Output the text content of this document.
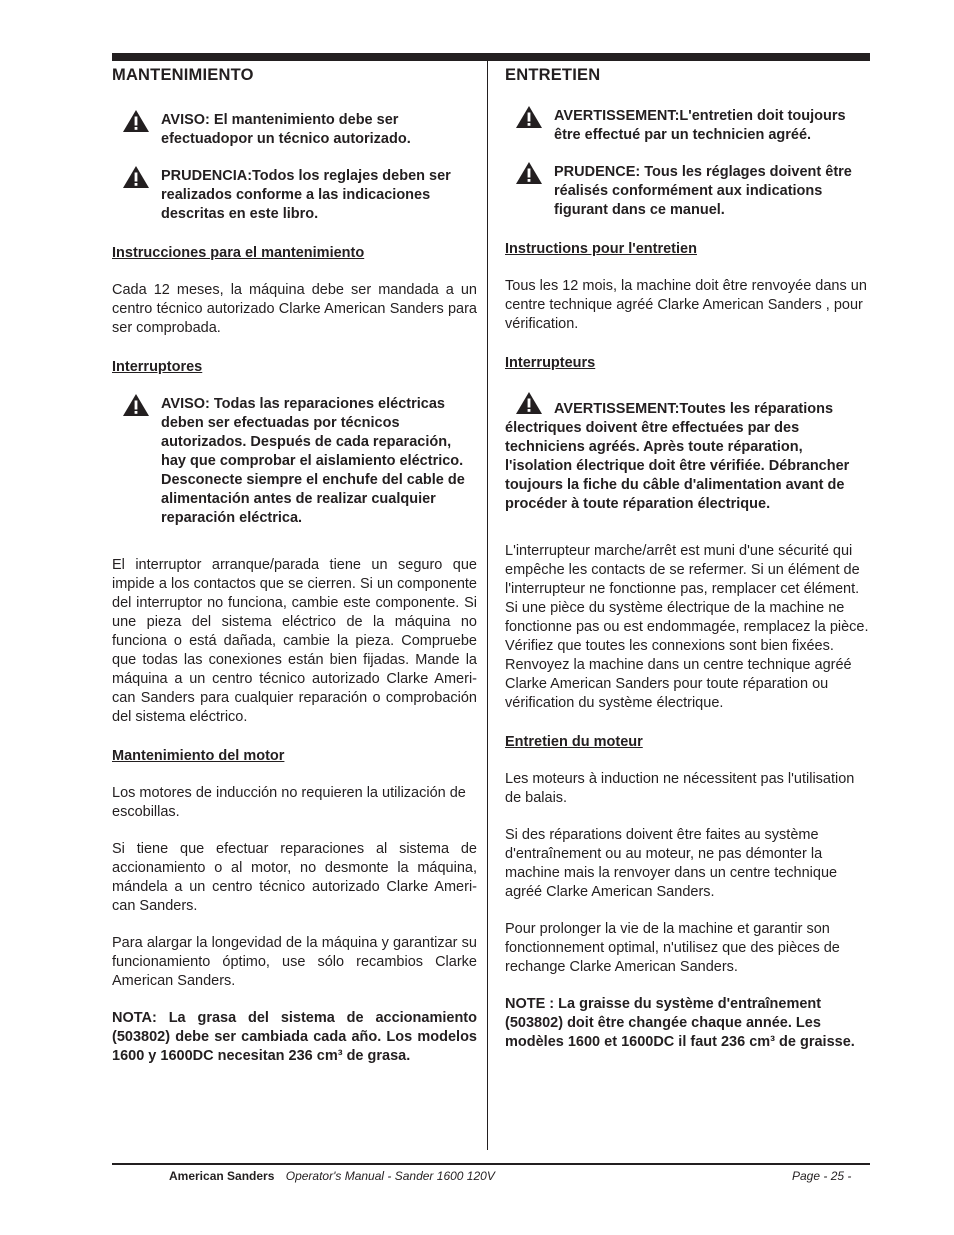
MANTENIMIENTO
AVISO: El mantenimiento debe ser efectuadopor un técnico autorizado.
PRUDENCIA:Todos los reglajes deben ser realizados conforme a las indicaciones descritas en este libro.
Instrucciones para el mantenimiento

Cada 12 meses, la máquina debe ser mandada a un centro técnico autorizado Clarke American Sanders para ser comprobada.

Interruptores
AVISO: Todas las reparaciones eléctricas deben ser efectuadas por técnicos autorizados. Después de cada reparación, hay que comprobar el aislamiento eléctrico. Desconecte siempre el enchufe del cable de alimentación antes de realizar cualquier reparación eléctrica.

El interruptor arranque/parada tiene un seguro que impide a los contactos que se cierren. Si un componente del interruptor no funciona, cambie este componente. Si une pieza del sistema eléctrico de la máquina no funciona o está dañada, cambie la pieza. Compruebe que todas las conexiones están bien fijadas. Mande la máquina a un centro técnico autorizado Clarke Ameri-can Sanders para cualquier reparación o comprobación del sistema eléctrico.

Mantenimiento del motor

Los motores de inducción no requieren la utilización de escobillas.

Si tiene que efectuar reparaciones al sistema de accionamiento o al motor, no desmonte la máquina, mándela a un centro técnico autorizado Clarke Ameri-can Sanders.

Para alargar la longevidad de la máquina y garantizar su funcionamiento óptimo, use sólo recambios Clarke American Sanders.

NOTA: La grasa del sistema de accionamiento (503802) debe ser cambiada cada año. Los modelos 1600 y 1600DC necesitan 236 cm³ de grasa.

ENTRETIEN
AVERTISSEMENT:L'entretien doit toujours être effectué par un technicien agréé.
PRUDENCE: Tous les réglages doivent être réalisés conformément aux indications figurant dans ce manuel.
Instructions pour l'entretien

Tous les 12 mois, la machine doit être renvoyée dans un centre technique agréé Clarke American Sanders , pour vérification.

Interrupteurs
AVERTISSEMENT:Toutes les réparations électriques doivent être effectuées par des techniciens agréés. Après toute réparation, l'isolation électrique doit être vérifiée. Débrancher toujours la fiche du câble d'alimentation avant de procéder à toute réparation électrique.

L'interrupteur marche/arrêt est muni d'une sécurité qui empêche les contacts de se refermer. Si un élément de l'interrupteur ne fonctionne pas, remplacer cet élément. Si une pièce du système électrique de la machine ne fonctionne pas ou est endommagée, remplacez la pièce. Vérifiez que toutes les connexions sont bien fixées. Renvoyez la machine dans un centre technique agréé Clarke American Sanders pour toute réparation ou vérification du système électrique.

Entretien du moteur

Les moteurs à induction ne nécessitent pas l'utilisation de balais.

Si des réparations doivent être faites au système d'entraînement ou au moteur, ne pas démonter la machine mais la renvoyer dans un centre technique agréé Clarke American Sanders.

Pour prolonger la vie de la machine et garantir son fonctionnement optimal, n'utilisez que des pièces de rechange Clarke American Sanders.

NOTE : La graisse du système d'entraînement (503802) doit être changée chaque année. Les modèles 1600 et 1600DC il faut 236 cm³ de graisse.

American Sanders Operator's Manual - Sander 1600 120V	Page - 25 -
